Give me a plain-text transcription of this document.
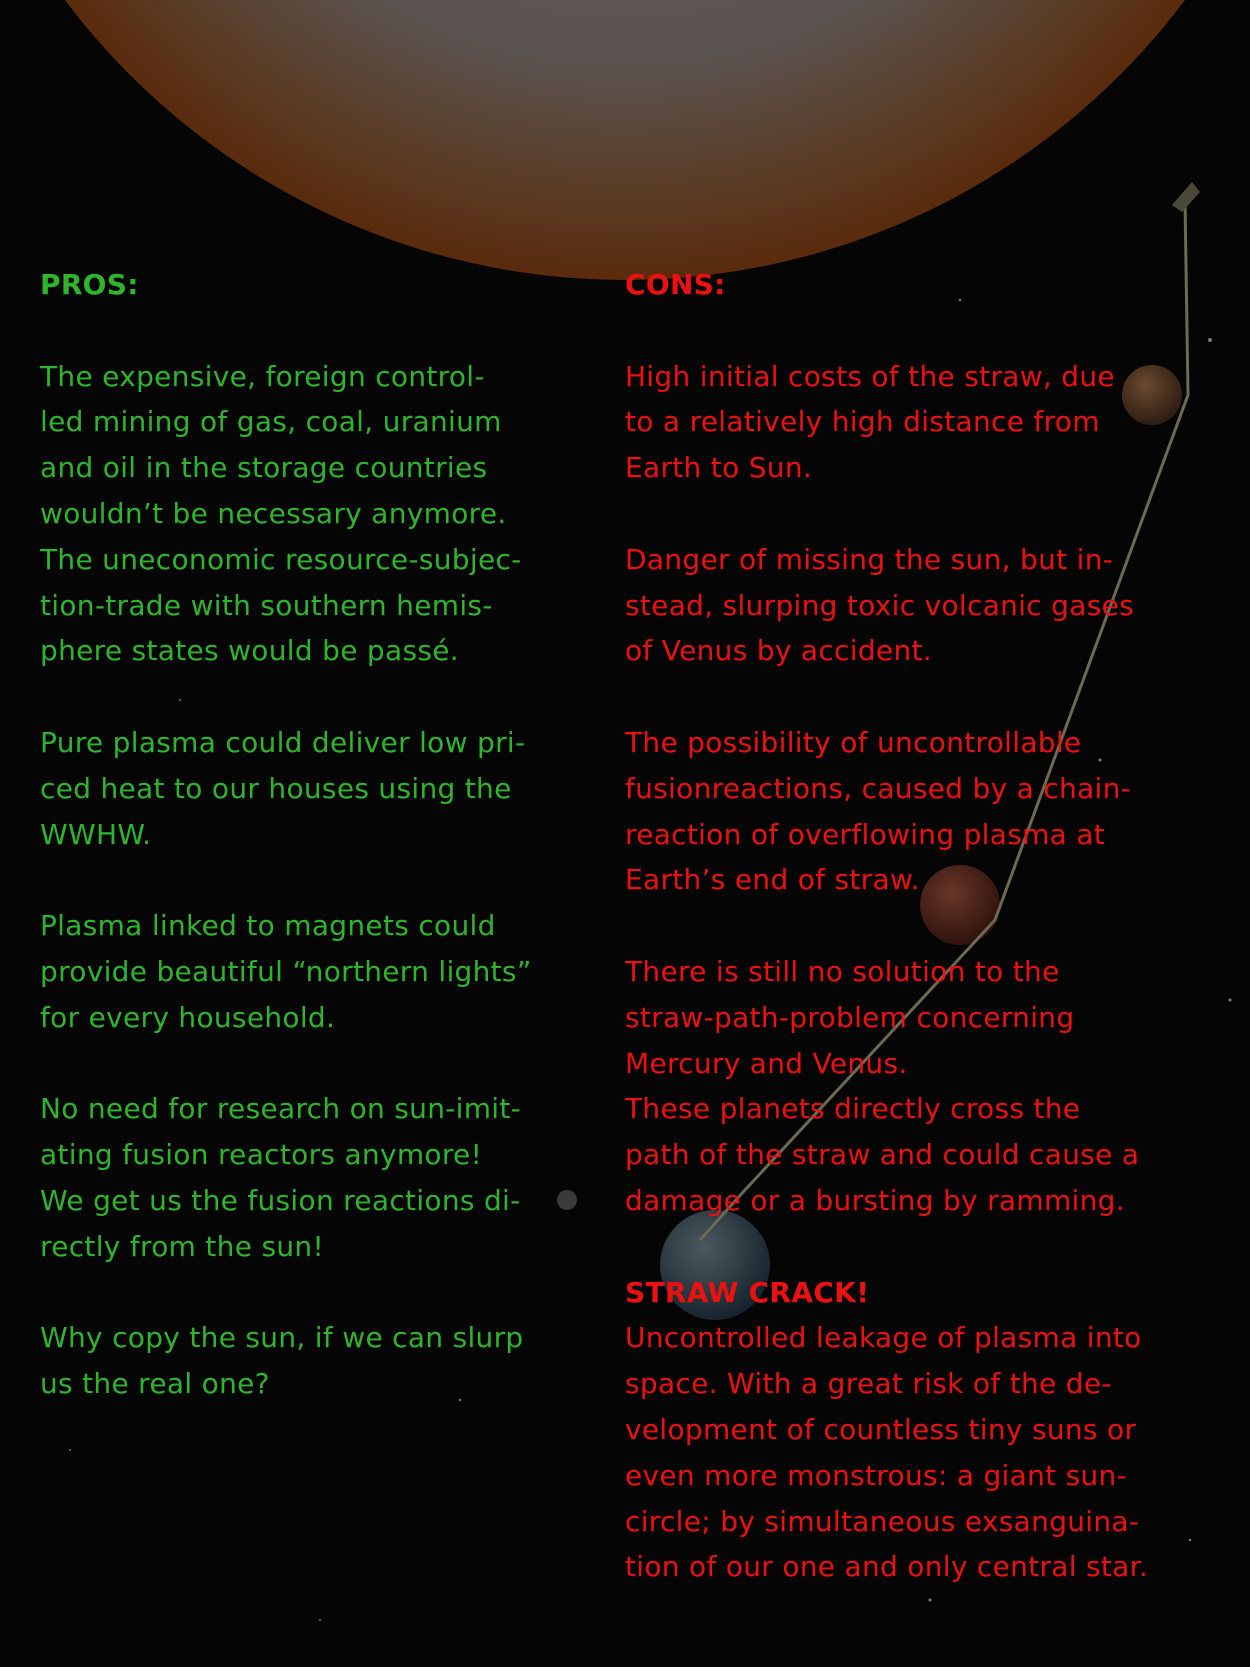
PROS:

The expensive, foreign control-
led mining of gas, coal, uranium
and oil in the storage countries
wouldn’t be necessary anymore.
The uneconomic resource-subjec-
tion-trade with southern hemis-
phere states would be passé.

Pure plasma could deliver low pri-
ced heat to our houses using the
WWHW.

Plasma linked to magnets could
provide beautiful “northern lights”
for every household.

No need for research on sun-imit-
ating fusion reactors anymore!
We get us the fusion reactions di-
rectly from the sun!

Why copy the sun, if we can slurp
us the real one?

CONS:

High initial costs of the straw, due
to a relatively high distance from
Earth to Sun.

Danger of missing the sun, but in-
stead, slurping toxic volcanic gases
of Venus by accident.

The possibility of uncontrollable
fusionreactions, caused by a chain-
reaction of overflowing plasma at
Earth’s end of straw.

There is still no solution to the
straw-path-problem concerning
Mercury and Venus.

These planets directly cross the
path of the straw and could cause a
damage or a bursting by ramming.

STRAW CRACK!

Uncontrolled leakage of plasma into
space. With a great risk of the de-
velopment of countless tiny suns or
even more monstrous: a giant sun-
circle; by simultaneous exsanguina-
tion of our one and only central star.
